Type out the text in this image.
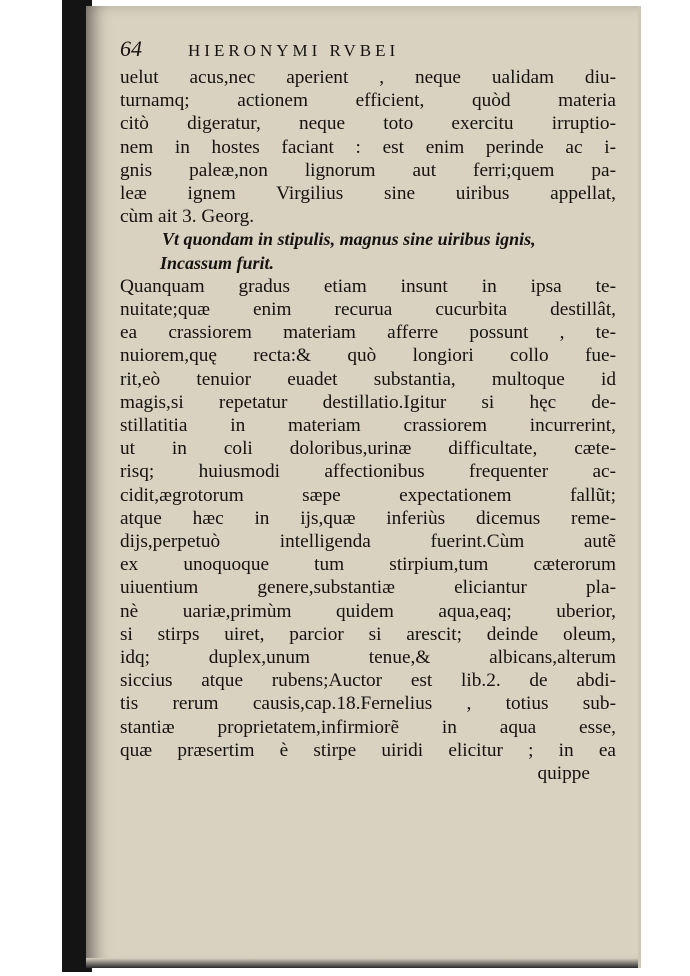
64	HIERONYMI RVBEI
uelut acus,nec aperient , neque ualidam diu-
turnamq; actionem efficient, quòd materia
citò digeratur, neque toto exercitu irruptio-
nem in hostes faciant : est enim perinde ac i-
gnis paleæ,non lignorum aut ferri;quem pa-
leæ ignem Virgilius sine uiribus appellat,
cùm ait 3. Georg.
Vt quondam in stipulis, magnus sine uiribus ignis,
Incassum furit.
Quanquam gradus etiam insunt in ipsa te-
nuitate;quæ enim recurua cucurbita destillât,
ea crassiorem materiam afferre possunt , te-
nuiorem,quę recta:& quò longiori collo fue-
rit,eò tenuior euadet substantia, multoque id
magis,si repetatur destillatio.Igitur si hęc de-
stillatitia in materiam crassiorem incurrerint,
ut in coli doloribus,urinæ difficultate, cæte-
risq; huiusmodi affectionibus frequenter ac-
cidit,ægrotorum sæpe expectationem fallũt;
atque hæc in ijs,quæ inferiùs dicemus reme-
dijs,perpetuò intelligenda fuerint.Cùm autẽ
ex unoquoque tum stirpium,tum cæterorum
uiuentium genere,substantiæ eliciantur pla-
nè uariæ,primùm quidem aqua,eaq; uberior,
si stirps uiret, parcior si arescit; deinde oleum,
idq; duplex,unum tenue,& albicans,alterum
siccius atque rubens;Auctor est lib.2. de abdi-
tis rerum causis,cap.18.Fernelius , totius sub-
stantiæ proprietatem,infirmiorẽ in aqua esse,
quæ præsertim è stirpe uiridi elicitur ; in ea
quippe
